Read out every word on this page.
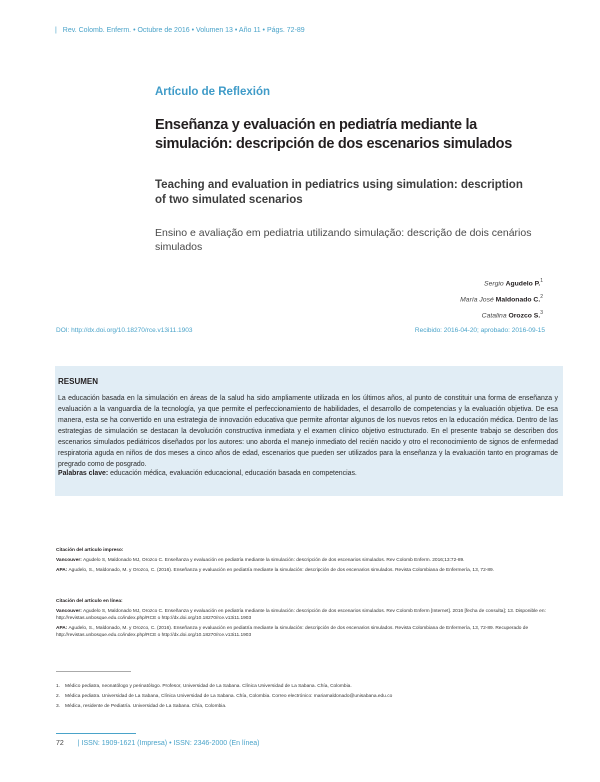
| Rev. Colomb. Enferm. • Octubre de 2016 • Volumen 13 • Año 11 • Págs. 72-89
Artículo de Reflexión
Enseñanza y evaluación en pediatría mediante la simulación: descripción de dos escenarios simulados
Teaching and evaluation in pediatrics using simulation: description of two simulated scenarios
Ensino e avaliação em pediatria utilizando simulação: descrição de dois cenários simulados
Sergio Agudelo P.$^1$
María José Maldonado C.$^2$
Catalina Orozco S.$^3$
DOI: http://dx.doi.org/10.18270/rce.v13i11.1903	Recibido: 2016-04-20; aprobado: 2016-09-15
RESUMEN
La educación basada en la simulación en áreas de la salud ha sido ampliamente utilizada en los últimos años, al punto de constituir una forma de enseñanza y evaluación a la vanguardia de la tecnología, ya que permite el perfeccionamiento de habilidades, el desarrollo de competencias y la evaluación objetiva. De esa manera, esta se ha convertido en una estrategia de innovación educativa que permite afrontar algunos de los nuevos retos en la educación médica. Dentro de las estrategias de simulación se destacan la devolución constructiva inmediata y el examen clínico objetivo estructurado. En el presente trabajo se describen dos escenarios simulados pediátricos diseñados por los autores: uno aborda el manejo inmediato del recién nacido y otro el reconocimiento de signos de enfermedad respiratoria aguda en niños de dos meses a cinco años de edad, escenarios que pueden ser utilizados para la enseñanza y la evaluación tanto en programas de pregrado como de posgrado.
Palabras clave: educación médica, evaluación educacional, educación basada en competencias.
Citación del artículo impreso:

Vancouver: Agudelo S, Maldonado MJ, Orozco C. Enseñanza y evaluación en pediatría mediante la simulación: descripción de dos escenarios simulados. Rev Colomb Enferm. 2016;13:72-89.

APA: Agudelo, S., Maldonado, M. y Orozco, C. (2016). Enseñanza y evaluación en pediatría mediante la simulación: descripción de dos escenarios simulados. Revista Colombiana de Enfermería, 13, 72-89.

Citación del artículo en línea:

Vancouver: Agudelo S, Maldonado MJ, Orozco C. Enseñanza y evaluación en pediatría mediante la simulación: descripción de dos escenarios simulados. Rev Colomb Enferm [Internet]. 2016 [fecha de consulta]; 13. Disponible en: http://revistas.unbosque.edu.co/index.php/RCE o http://dx.doi.org/10.18270/rce.v13i11.1903

APA: Agudelo, S., Maldonado, M. y Orozco, C. (2016). Enseñanza y evaluación en pediatría mediante la simulación: descripción de dos escenarios simulados. Revista Colombiana de Enfermería, 13, 72-89. Recuperado de http://revistas.unbosque.edu.co/index.php/RCE o http://dx.doi.org/10.18270/rce.v13i11.1903

1. Médico pediatra, neonatólogo y perinatólogo. Profesor, Universidad de La Sabana. Clínica Universidad de La Sabana. Chía, Colombia.
2. Médica pediatra. Universidad de La Sabana, Clínica Universidad de La Sabana. Chía, Colombia. Correo electrónico: mariamaldonado@unisabana.edu.co
3. Médica, residente de Pediatría. Universidad de La Sabana. Chía, Colombia.
72 | ISSN: 1909-1621 (Impresa) • ISSN: 2346-2000 (En línea)
